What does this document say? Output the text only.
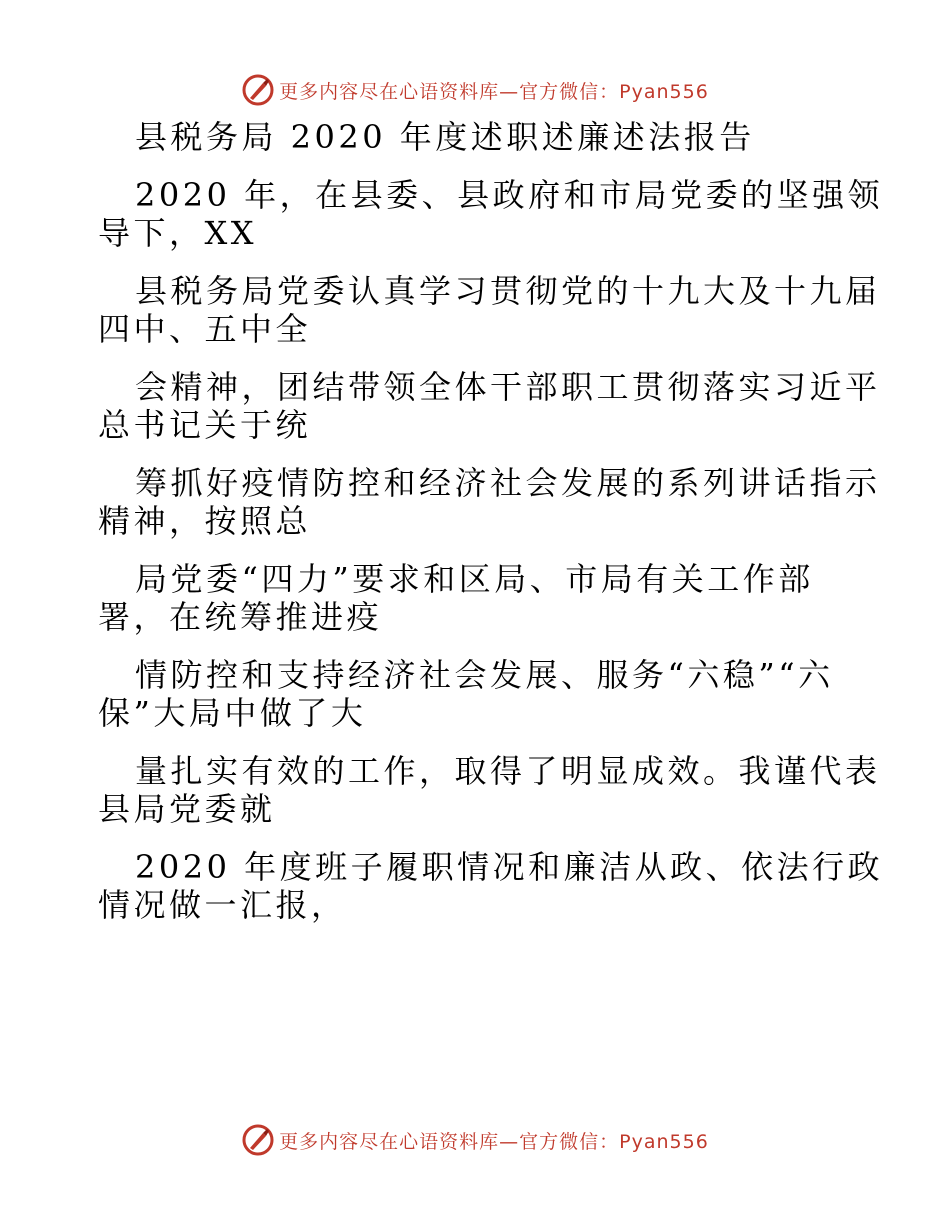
更多内容尽在心语资料库—官方微信：Pyan556

县税务局 2020 年度述职述廉述法报告

2020 年，在县委、县政府和市局党委的坚强领

导下，XX

县税务局党委认真学习贯彻党的十九大及十九届

四中、五中全

会精神，团结带领全体干部职工贯彻落实习近平

总书记关于统

筹抓好疫情防控和经济社会发展的系列讲话指示

精神，按照总

局党委“四力”要求和区局、市局有关工作部

署，在统筹推进疫

情防控和支持经济社会发展、服务“六稳”“六

保”大局中做了大

量扎实有效的工作，取得了明显成效。我谨代表

县局党委就

2020 年度班子履职情况和廉洁从政、依法行政

情况做一汇报，

更多内容尽在心语资料库—官方微信：Pyan556
